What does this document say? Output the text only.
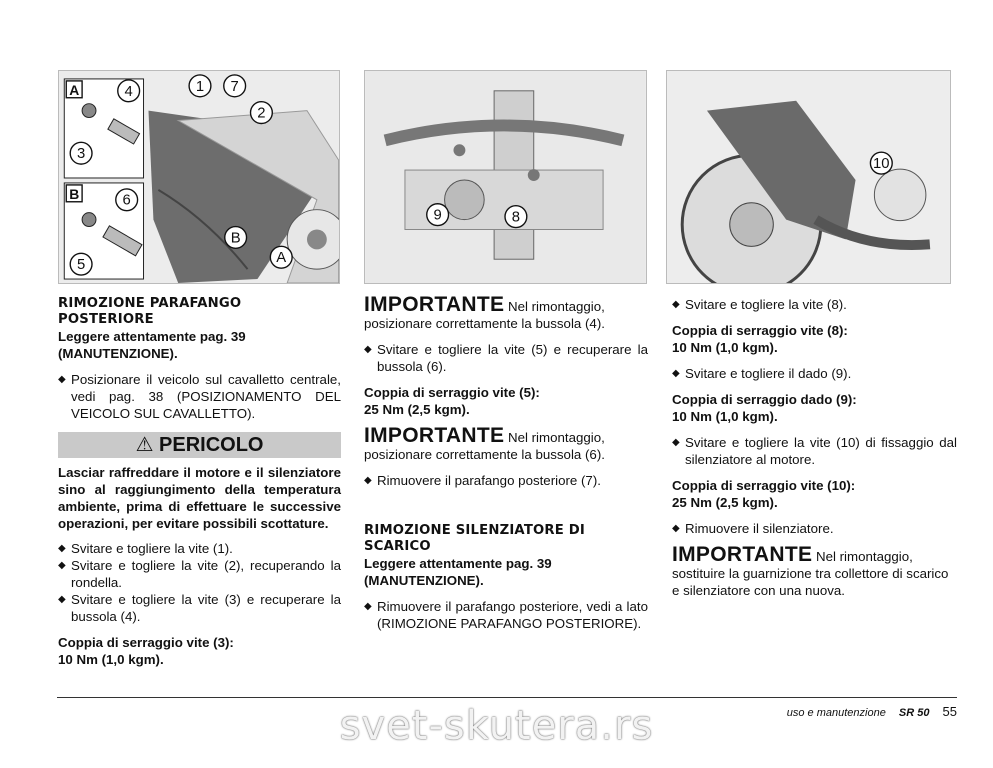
A
B
4
3
6
5
1 7
2
B
A
9	8
10

RIMOZIONE PARAFANGO POSTERIORE

Leggere attentamente pag. 39 (MANUTENZIONE).

◆ Posizionare il veicolo sul cavalletto centrale, vedi pag. 38 (POSIZIONAMENTO DEL VEICOLO SUL CAVALLETTO).

⚠ PERICOLO

Lasciar raffreddare il motore e il silenziatore sino al raggiungimento della temperatura ambiente, prima di effettuare le successive operazioni, per evitare possibili scottature.

◆ Svitare e togliere la vite (1).

◆ Svitare e togliere la vite (2), recuperando la rondella.

◆ Svitare e togliere la vite (3) e recuperare la bussola (4).

Coppia di serraggio vite (3):

10 Nm (1,0 kgm).

IMPORTANTE Nel rimontaggio, posizionare correttamente la bussola (4).

◆ Svitare e togliere la vite (5) e recuperare la bussola (6).

Coppia di serraggio vite (5):

25 Nm (2,5 kgm).

IMPORTANTE Nel rimontaggio, posizionare correttamente la bussola (6).

◆ Rimuovere il parafango posteriore (7).

RIMOZIONE SILENZIATORE DI SCARICO

Leggere attentamente pag. 39 (MANUTENZIONE).

◆ Rimuovere il parafango posteriore, vedi a lato (RIMOZIONE PARAFANGO POSTERIORE).

◆ Svitare e togliere la vite (8).

Coppia di serraggio vite (8):

10 Nm (1,0 kgm).

◆ Svitare e togliere il dado (9).

Coppia di serraggio dado (9):

10 Nm (1,0 kgm).

◆ Svitare e togliere la vite (10) di fissaggio dal silenziatore al motore.

Coppia di serraggio vite (10):

25 Nm (2,5 kgm).

◆ Rimuovere il silenziatore.

IMPORTANTE Nel rimontaggio, sostituire la guarnizione tra collettore di scarico e silenziatore con una nuova.

uso e manutenzione SR 50 55
svet-skutera.rs
